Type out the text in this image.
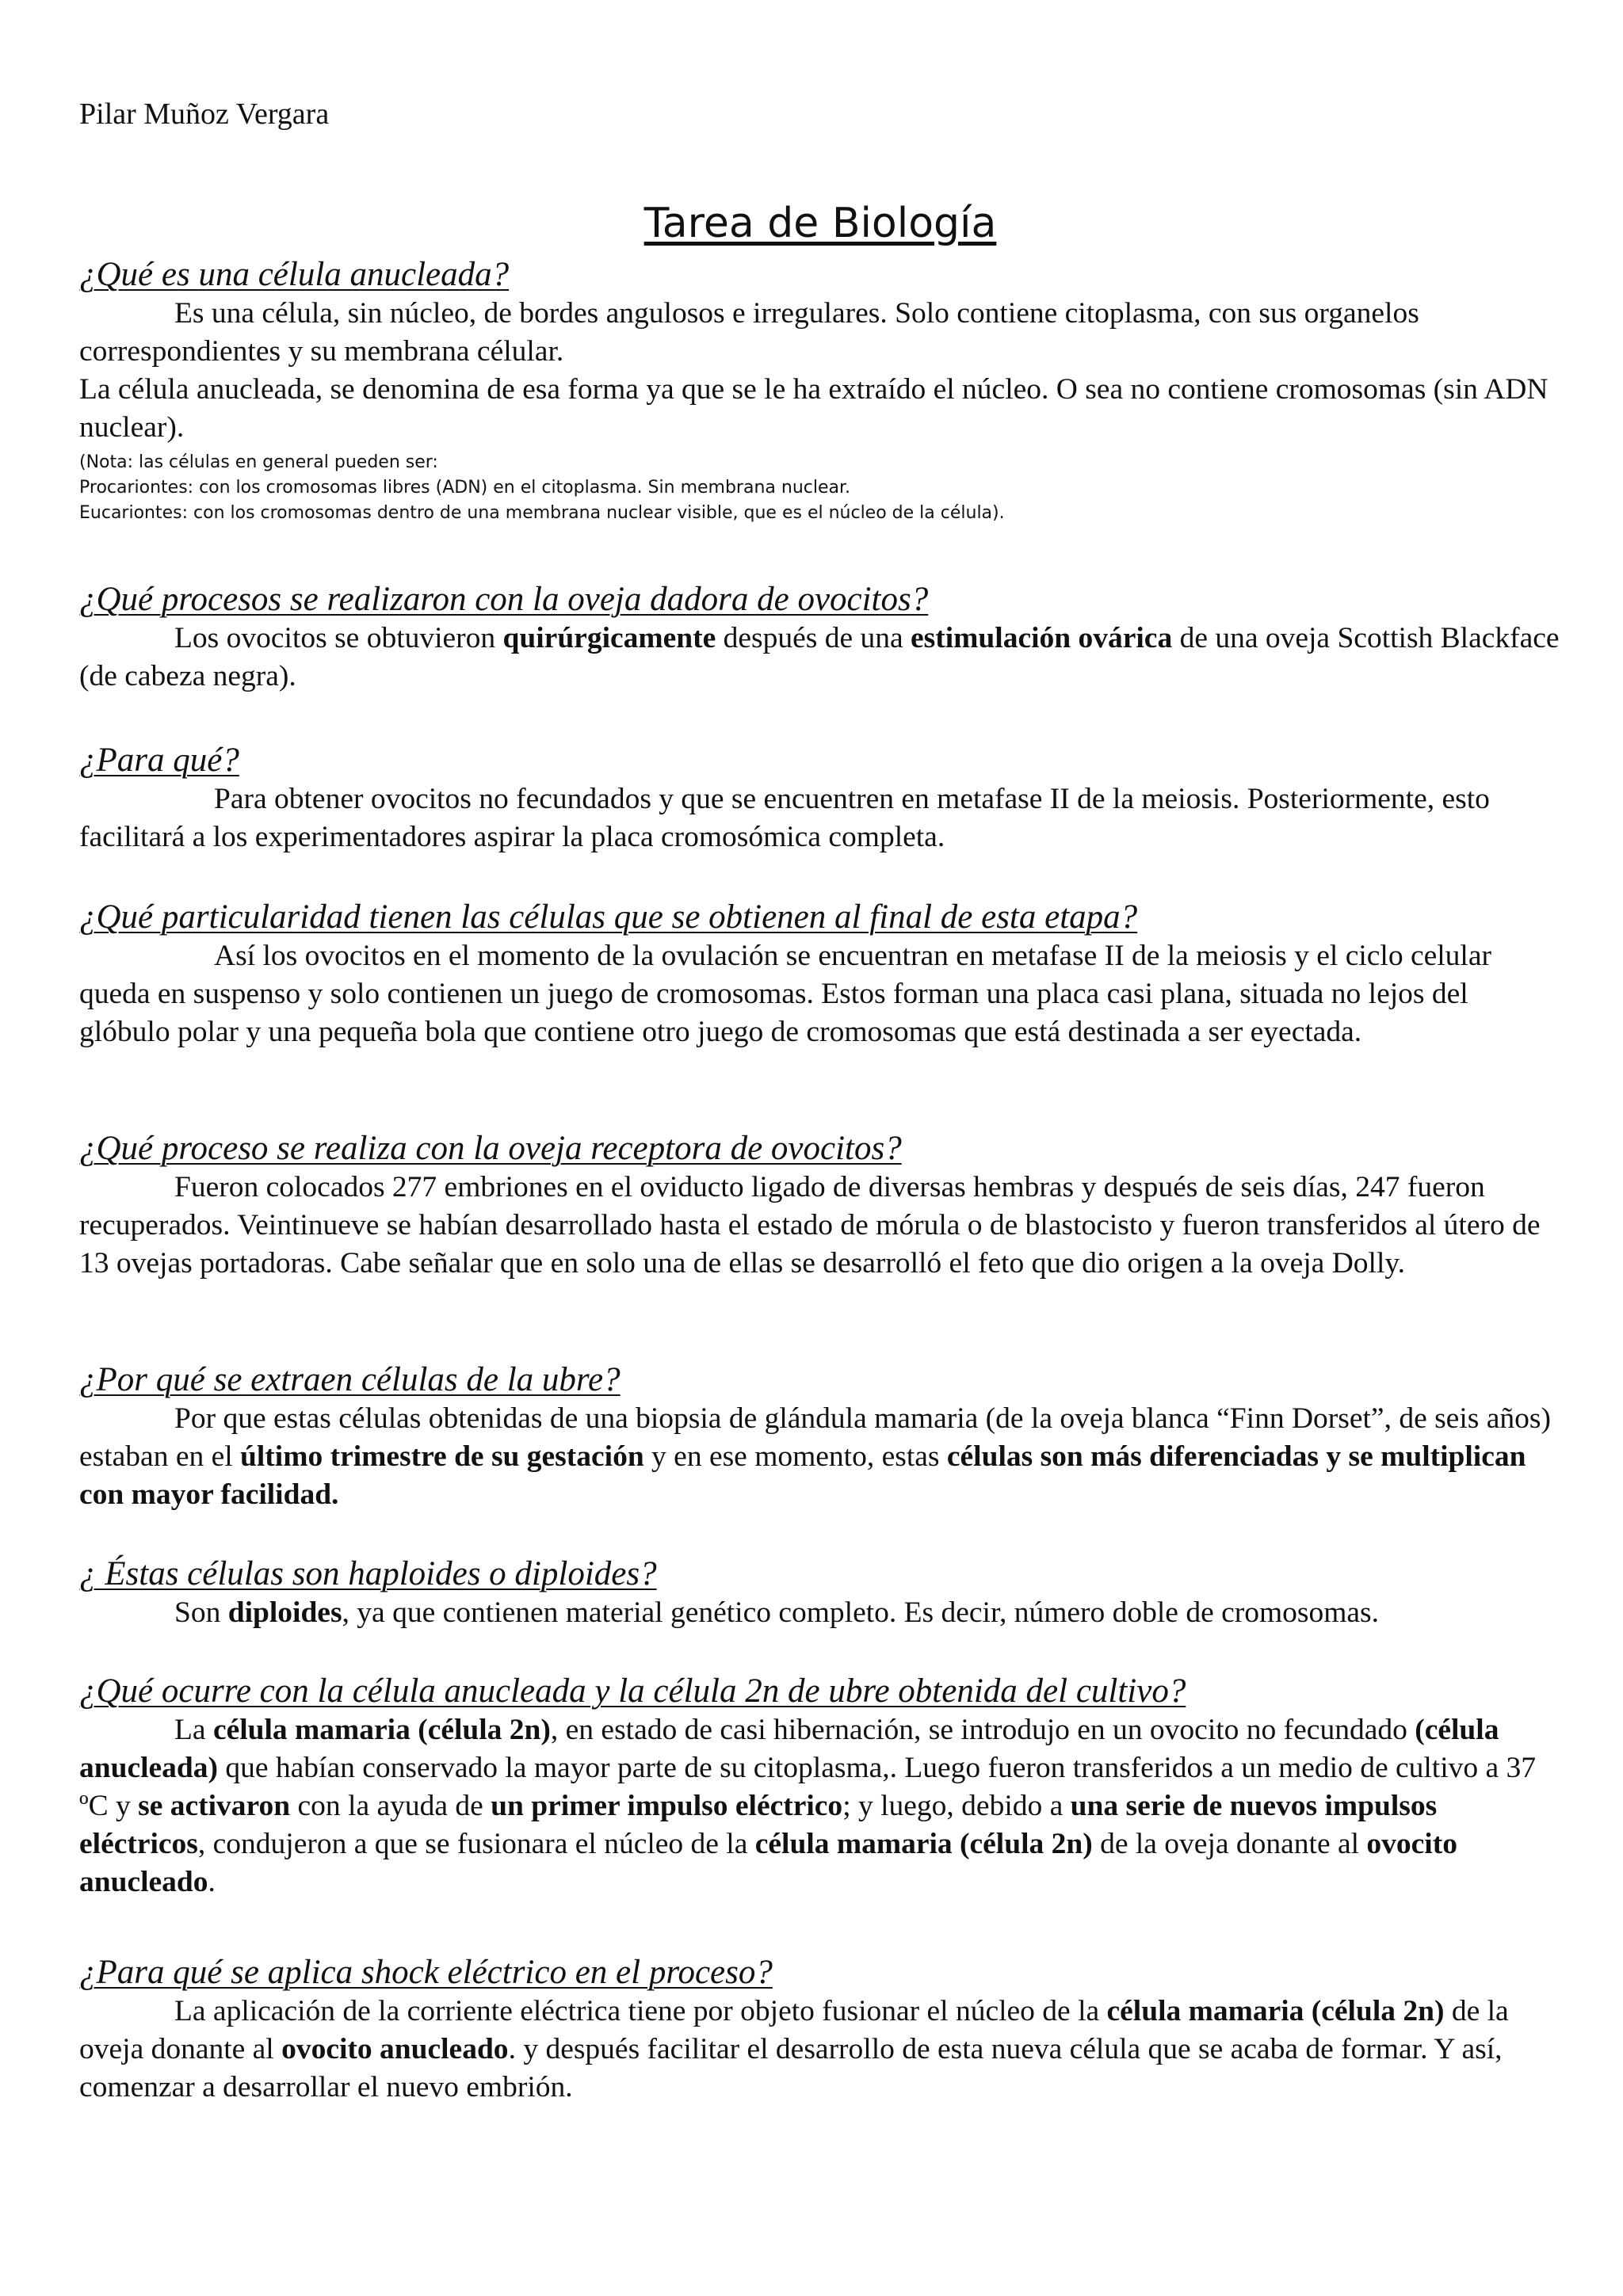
Pilar Muñoz Vergara
Tarea de Biología
¿Qué es una célula anucleada?

Es una célula, sin núcleo, de bordes angulosos e irregulares. Solo contiene citoplasma, con sus organelos correspondientes y su membrana célular.

La célula anucleada, se denomina de esa forma ya que se le ha extraído el núcleo. O sea no contiene cromosomas (sin ADN nuclear).

(Nota: las células en general pueden ser:

Procariontes: con los cromosomas libres (ADN) en el citoplasma. Sin membrana nuclear.

Eucariontes: con los cromosomas dentro de una membrana nuclear visible, que es el núcleo de la célula).

¿Qué procesos se realizaron con la oveja dadora de ovocitos?

Los ovocitos se obtuvieron quirúrgicamente después de una estimulación ovárica de una oveja Scottish Blackface (de cabeza negra).

¿Para qué?

Para obtener ovocitos no fecundados y que se encuentren en metafase II de la meiosis. Posteriormente, esto facilitará a los experimentadores aspirar la placa cromosómica completa.

¿Qué particularidad tienen las células que se obtienen al final de esta etapa?

Así los ovocitos en el momento de la ovulación se encuentran en metafase II de la meiosis y el ciclo celular queda en suspenso y solo contienen un juego de cromosomas. Estos forman una placa casi plana, situada no lejos del glóbulo polar y una pequeña bola que contiene otro juego de cromosomas que está destinada a ser eyectada.

¿Qué proceso se realiza con la oveja receptora de ovocitos?

Fueron colocados 277 embriones en el oviducto ligado de diversas hembras y después de seis días, 247 fueron recuperados. Veintinueve se habían desarrollado hasta el estado de mórula o de blastocisto y fueron transferidos al útero de 13 ovejas portadoras. Cabe señalar que en solo una de ellas se desarrolló el feto que dio origen a la oveja Dolly.

¿Por qué se extraen células de la ubre?

Por que estas células obtenidas de una biopsia de glándula mamaria (de la oveja blanca “Finn Dorset”, de seis años) estaban en el último trimestre de su gestación y en ese momento, estas células son más diferenciadas y se multiplican con mayor facilidad.

¿ Éstas células son haploides o diploides?

Son diploides, ya que contienen material genético completo. Es decir, número doble de cromosomas.

¿Qué ocurre con la célula anucleada y la célula 2n de ubre obtenida del cultivo?

La célula mamaria (célula 2n), en estado de casi hibernación, se introdujo en un ovocito no fecundado (célula anucleada) que habían conservado la mayor parte de su citoplasma,. Luego fueron transferidos a un medio de cultivo a 37 ºC y se activaron con la ayuda de un primer impulso eléctrico; y luego, debido a una serie de nuevos impulsos eléctricos, condujeron a que se fusionara el núcleo de la célula mamaria (célula 2n) de la oveja donante al ovocito anucleado.

¿Para qué se aplica shock eléctrico en el proceso?

La aplicación de la corriente eléctrica tiene por objeto fusionar el núcleo de la célula mamaria (célula 2n) de la oveja donante al ovocito anucleado. y después facilitar el desarrollo de esta nueva célula que se acaba de formar. Y así, comenzar a desarrollar el nuevo embrión.
